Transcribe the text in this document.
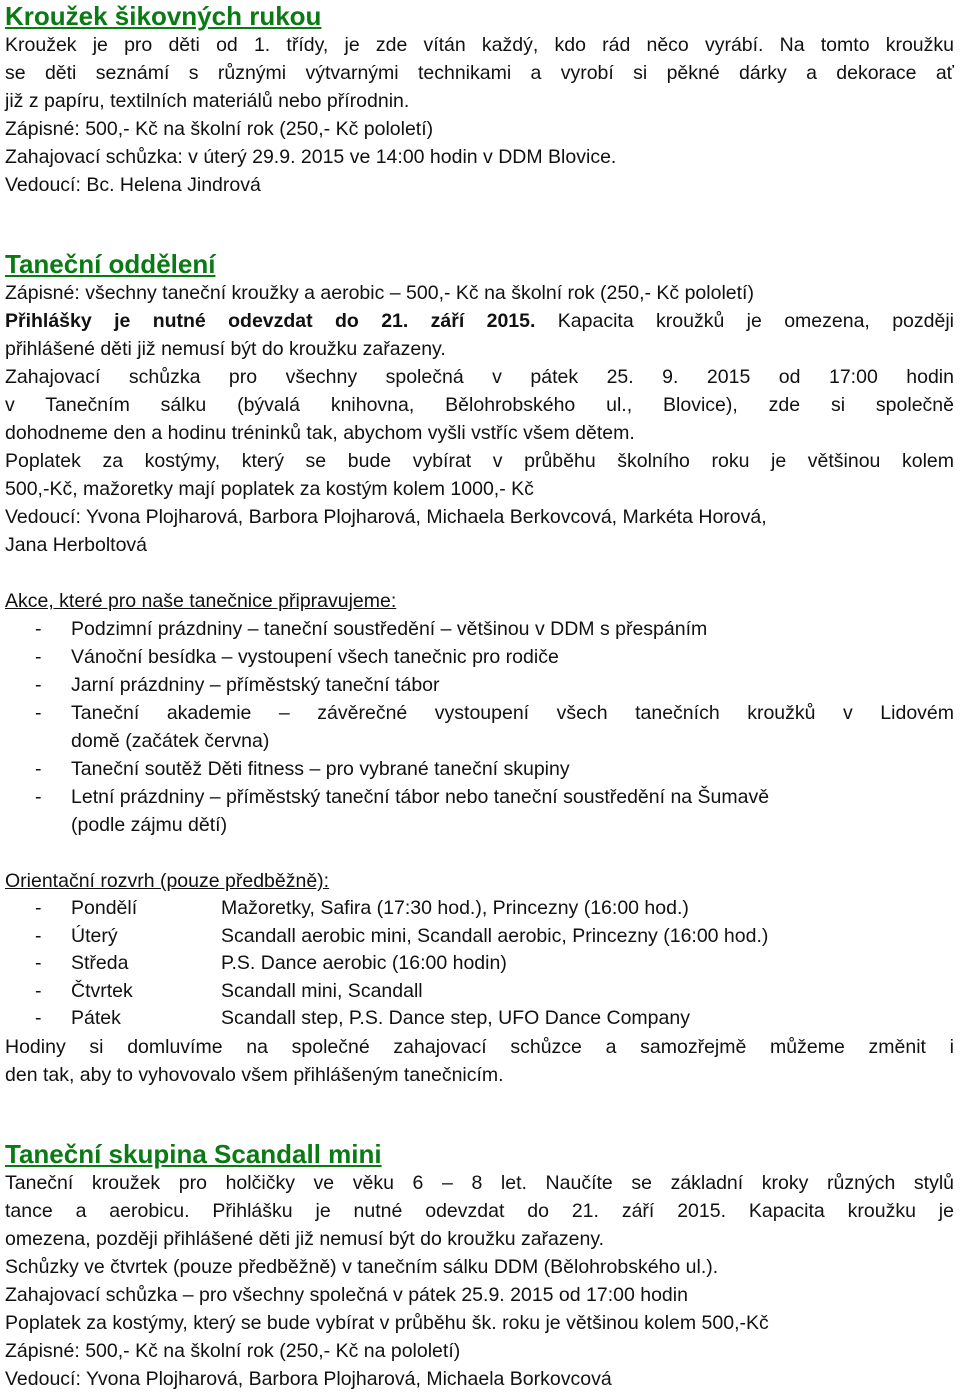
Kroužek šikovných rukou
Kroužek je pro děti od 1. třídy, je zde vítán každý, kdo rád něco vyrábí. Na tomto kroužku
se děti seznámí s různými výtvarnými technikami a vyrobí si pěkné dárky a dekorace ať
již z papíru, textilních materiálů nebo přírodnin.
Zápisné: 500,- Kč na školní rok (250,- Kč pololetí)
Zahajovací schůzka: v úterý 29.9. 2015 ve 14:00 hodin v DDM Blovice.
Vedoucí: Bc. Helena Jindrová
Taneční oddělení
Zápisné: všechny taneční kroužky a aerobic – 500,- Kč na školní rok (250,- Kč pololetí)
Přihlášky je nutné odevzdat do 21. září 2015. Kapacita kroužků je omezena, později
přihlášené děti již nemusí být do kroužku zařazeny.
Zahajovací schůzka pro všechny společná v pátek 25. 9. 2015 od 17:00 hodin
v Tanečním sálku (bývalá knihovna, Bělohrobského ul., Blovice), zde si společně
dohodneme den a hodinu tréninků tak, abychom vyšli vstříc všem dětem.
Poplatek za kostýmy, který se bude vybírat v průběhu školního roku je většinou kolem
500,-Kč, mažoretky mají poplatek za kostým kolem 1000,- Kč
Vedoucí: Yvona Plojharová, Barbora Plojharová, Michaela Berkovcová, Markéta Horová,
Jana Herboltová
Akce, které pro naše tanečnice připravujeme:
-	Podzimní prázdniny – taneční soustředění – většinou v DDM s přespáním
-	Vánoční besídka – vystoupení všech tanečnic pro rodiče
-	Jarní prázdniny – příměstský taneční tábor
-	Taneční akademie – závěrečné vystoupení všech tanečních kroužků v Lidovém
domě (začátek června)
-	Taneční soutěž Děti fitness – pro vybrané taneční skupiny
-	Letní prázdniny – příměstský taneční tábor nebo taneční soustředění na Šumavě
(podle zájmu dětí)
Orientační rozvrh (pouze předběžně):
-	Pondělí	Mažoretky, Safira (17:30 hod.), Princezny (16:00 hod.)
-	Úterý	Scandall aerobic mini, Scandall aerobic, Princezny (16:00 hod.)
-	Středa	P.S. Dance aerobic (16:00 hodin)
-	Čtvrtek	Scandall mini, Scandall
-	Pátek	Scandall step, P.S. Dance step, UFO Dance Company
Hodiny si domluvíme na společné zahajovací schůzce a samozřejmě můžeme změnit i
den tak, aby to vyhovovalo všem přihlášeným tanečnicím.
Taneční skupina Scandall mini
Taneční kroužek pro holčičky ve věku 6 – 8 let. Naučíte se základní kroky různých stylů
tance a aerobicu. Přihlášku je nutné odevzdat do 21. září 2015. Kapacita kroužku je
omezena, později přihlášené děti již nemusí být do kroužku zařazeny.
Schůzky ve čtvrtek (pouze předběžně) v tanečním sálku DDM (Bělohrobského ul.).
Zahajovací schůzka – pro všechny společná v pátek 25.9. 2015 od 17:00 hodin
Poplatek za kostýmy, který se bude vybírat v průběhu šk. roku je většinou kolem 500,-Kč
Zápisné: 500,- Kč na školní rok (250,- Kč na pololetí)
Vedoucí: Yvona Plojharová, Barbora Plojharová, Michaela Borkovcová
